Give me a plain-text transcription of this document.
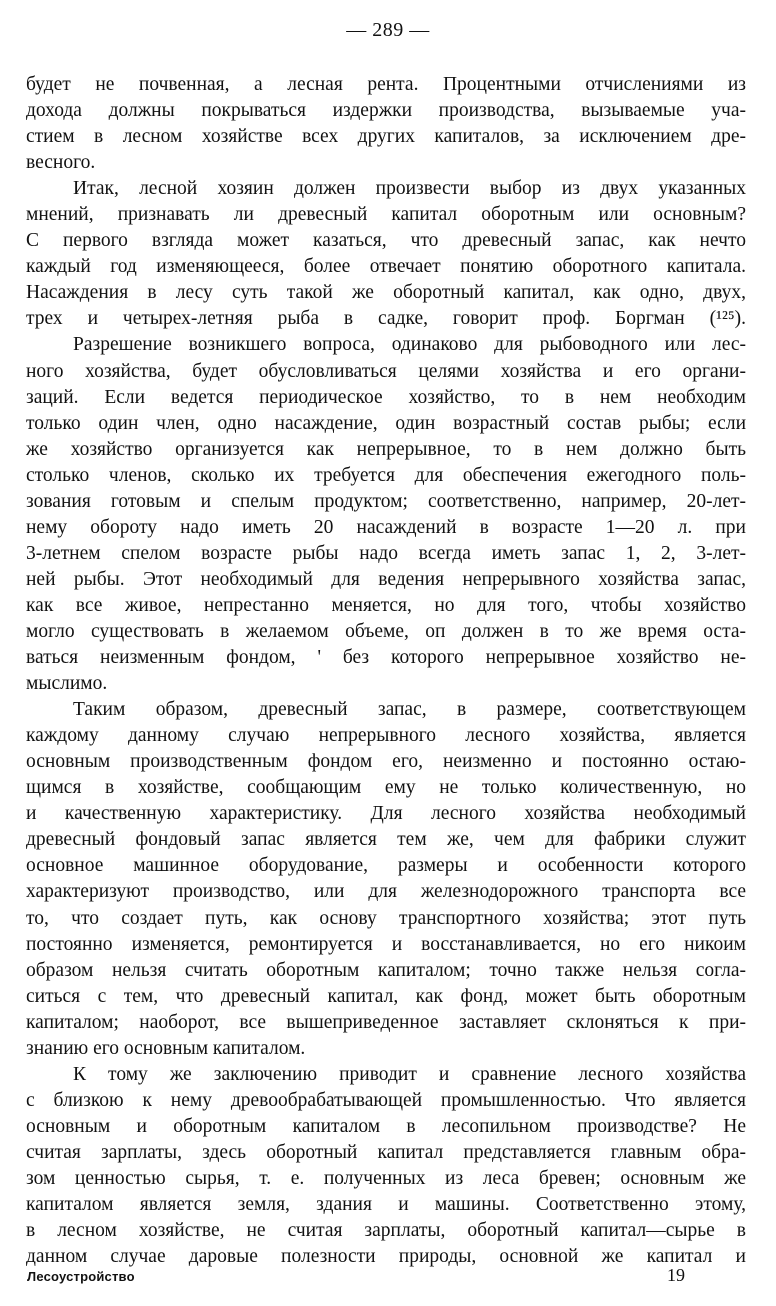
— 289 —
будет не почвенная, а лесная рента. Процентными отчислениями из
дохода должны покрываться издержки производства, вызываемые уча-
стием в лесном хозяйстве всех других капиталов, за исключением дре-
весного.
Итак, лесной хозяин должен произвести выбор из двух указанных
мнений, признавать ли древесный капитал оборотным или основным?
С первого взгляда может казаться, что древесный запас, как нечто
каждый год изменяющееся, более отвечает понятию оборотного капитала.
Насаждения в лесу суть такой же оборотный капитал, как одно, двух,
трех и четырех-летняя рыба в садке, говорит проф. Боргман (¹²⁵).
Разрешение возникшего вопроса, одинаково для рыбоводного или лес-
ного хозяйства, будет обусловливаться целями хозяйства и его органи-
заций. Если ведется периодическое хозяйство, то в нем необходим
только один член, одно насаждение, один возрастный состав рыбы; если
же хозяйство организуется как непрерывное, то в нем должно быть
столько членов, сколько их требуется для обеспечения ежегодного поль-
зования готовым и спелым продуктом; соответственно, например, 20-лет-
нему обороту надо иметь 20 насаждений в возрасте 1—20 л. при
3-летнем спелом возрасте рыбы надо всегда иметь запас 1, 2, 3-лет-
ней рыбы. Этот необходимый для ведения непрерывного хозяйства запас,
как все живое, непрестанно меняется, но для того, чтобы хозяйство
могло существовать в желаемом объеме, оп должен в то же время оста-
ваться неизменным фондом, ' без которого непрерывное хозяйство не-
мыслимо.
Таким образом, древесный запас, в размере, соответствующем
каждому данному случаю непрерывного лесного хозяйства, является
основным производственным фондом его, неизменно и постоянно остаю-
щимся в хозяйстве, сообщающим ему не только количественную, но
и качественную характеристику. Для лесного хозяйства необходимый
древесный фондовый запас является тем же, чем для фабрики служит
основное машинное оборудование, размеры и особенности которого
характеризуют производство, или для железнодорожного транспорта все
то, что создает путь, как основу транспортного хозяйства; этот путь
постоянно изменяется, ремонтируется и восстанавливается, но его никоим
образом нельзя считать оборотным капиталом; точно также нельзя согла-
ситься с тем, что древесный капитал, как фонд, может быть оборотным
капиталом; наоборот, все вышеприведенное заставляет склоняться к при-
знанию его основным капиталом.
К тому же заключению приводит и сравнение лесного хозяйства
с близкою к нему древообрабатывающей промышленностью. Что является
основным и оборотным капиталом в лесопильном производстве? Не
считая зарплаты, здесь оборотный капитал представляется главным обра-
зом ценностью сырья, т. е. полученных из леса бревен; основным же
капиталом является земля, здания и машины. Соответственно этому,
в лесном хозяйстве, не считая зарплаты, оборотный капитал—сырье в
данном случае даровые полезности природы, основной же капитал и
Лесоустройство	19
